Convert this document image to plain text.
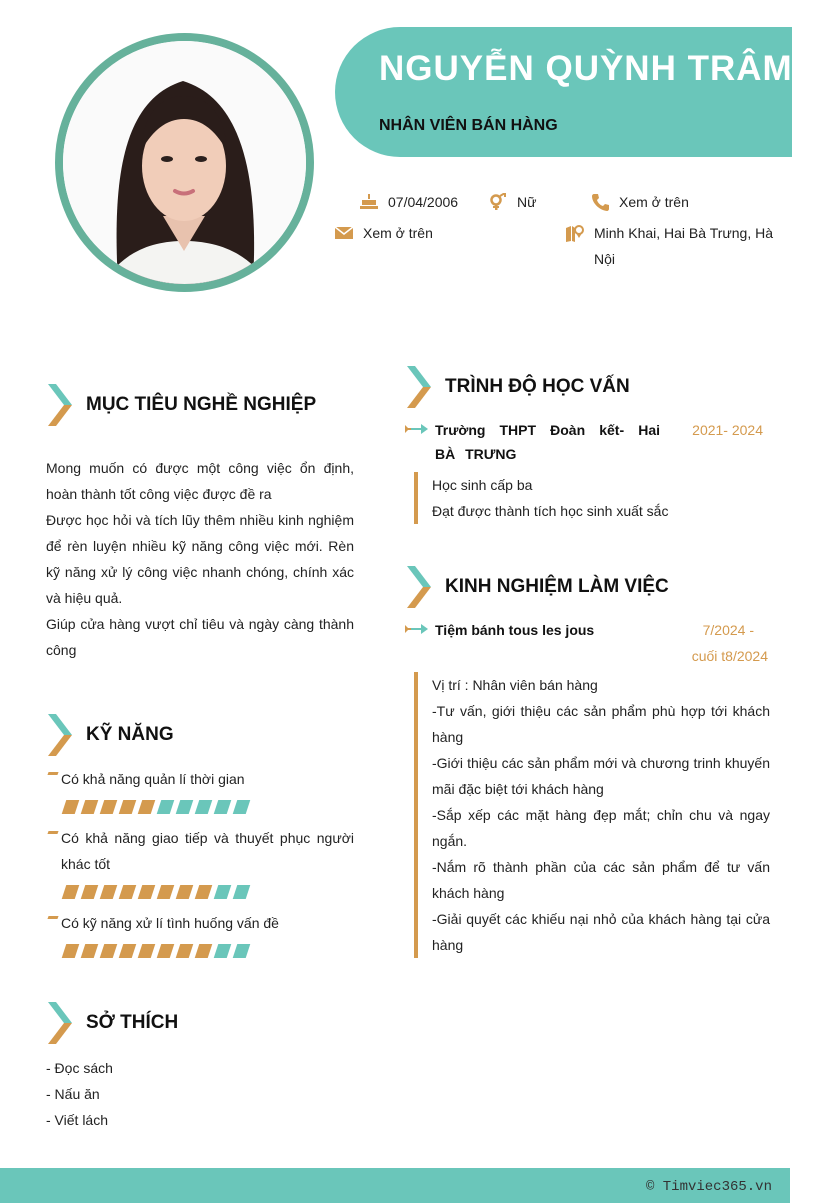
NGUYỄN QUỲNH TRÂM
NHÂN VIÊN BÁN HÀNG
07/04/2006	Nữ	Xem ở trên
Xem ở trên	Minh Khai, Hai Bà Trưng, Hà Nội
MỤC TIÊU NGHỀ NGHIỆP
Mong muốn có được một công việc ổn định, hoàn thành tốt công việc được đề ra
Được học hỏi và tích lũy thêm nhiều kinh nghiệm để rèn luyện nhiều kỹ năng công việc mới. Rèn kỹ năng xử lý công việc nhanh chóng, chính xác và hiệu quả.
Giúp cửa hàng vượt chỉ tiêu và ngày càng thành công
KỸ NĂNG
Có khả năng quản lí thời gian
Có khả năng giao tiếp và thuyết phục người khác tốt
Có kỹ năng xử lí tình huống vấn đề
SỞ THÍCH
- Đọc sách
- Nấu ăn
- Viết lách
TRÌNH ĐỘ HỌC VẤN
Trường THPT Đoàn kết- Hai BÀ TRƯNG
2021- 2024
Học sinh cấp ba
Đạt được thành tích học sinh xuất sắc
KINH NGHIỆM LÀM VIỆC
Tiệm bánh tous les jous	7/2024 -
cuối t8/2024
Vị trí : Nhân viên bán hàng
-Tư vấn, giới thiệu các sản phẩm phù hợp tới khách hàng
-Giới thiệu các sản phẩm mới và chương trinh khuyến mãi đặc biệt tới khách hàng
-Sắp xếp các mặt hàng đẹp mắt; chỉn chu và ngay ngắn.
-Nắm rõ thành phần của các sản phẩm để tư vấn khách hàng
-Giải quyết các khiếu nại nhỏ của khách hàng tại cửa hàng
© Timviec365.vn
